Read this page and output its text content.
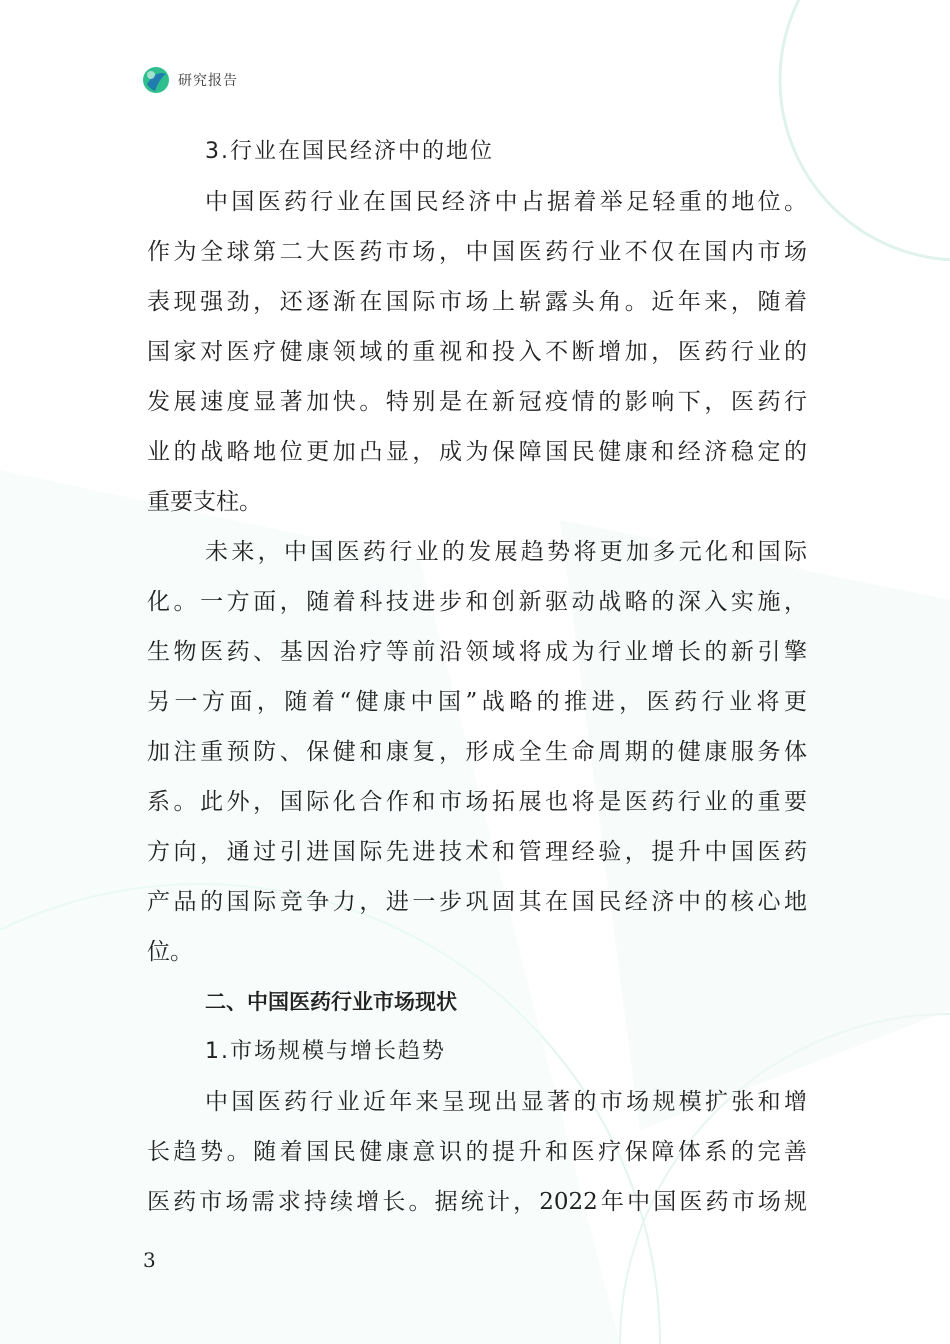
研究报告
3.行业在国民经济中的地位
中国医药行业在国民经济中占据着举足轻重的地位。
作为全球第二大医药市场，中国医药行业不仅在国内市场
表现强劲，还逐渐在国际市场上崭露头角。近年来，随着
国家对医疗健康领域的重视和投入不断增加，医药行业的
发展速度显著加快。特别是在新冠疫情的影响下，医药行
业的战略地位更加凸显，成为保障国民健康和经济稳定的
重要支柱。
未来，中国医药行业的发展趋势将更加多元化和国际
化。一方面，随着科技进步和创新驱动战略的深入实施，
生物医药、基因治疗等前沿领域将成为行业增长的新引擎
另一方面，随着“健康中国”战略的推进，医药行业将更
加注重预防、保健和康复，形成全生命周期的健康服务体
系。此外，国际化合作和市场拓展也将是医药行业的重要
方向，通过引进国际先进技术和管理经验，提升中国医药
产品的国际竞争力，进一步巩固其在国民经济中的核心地
位。
二、中国医药行业市场现状
1.市场规模与增长趋势
中国医药行业近年来呈现出显著的市场规模扩张和增
长趋势。随着国民健康意识的提升和医疗保障体系的完善
医药市场需求持续增长。据统计，2022年中国医药市场规
3
